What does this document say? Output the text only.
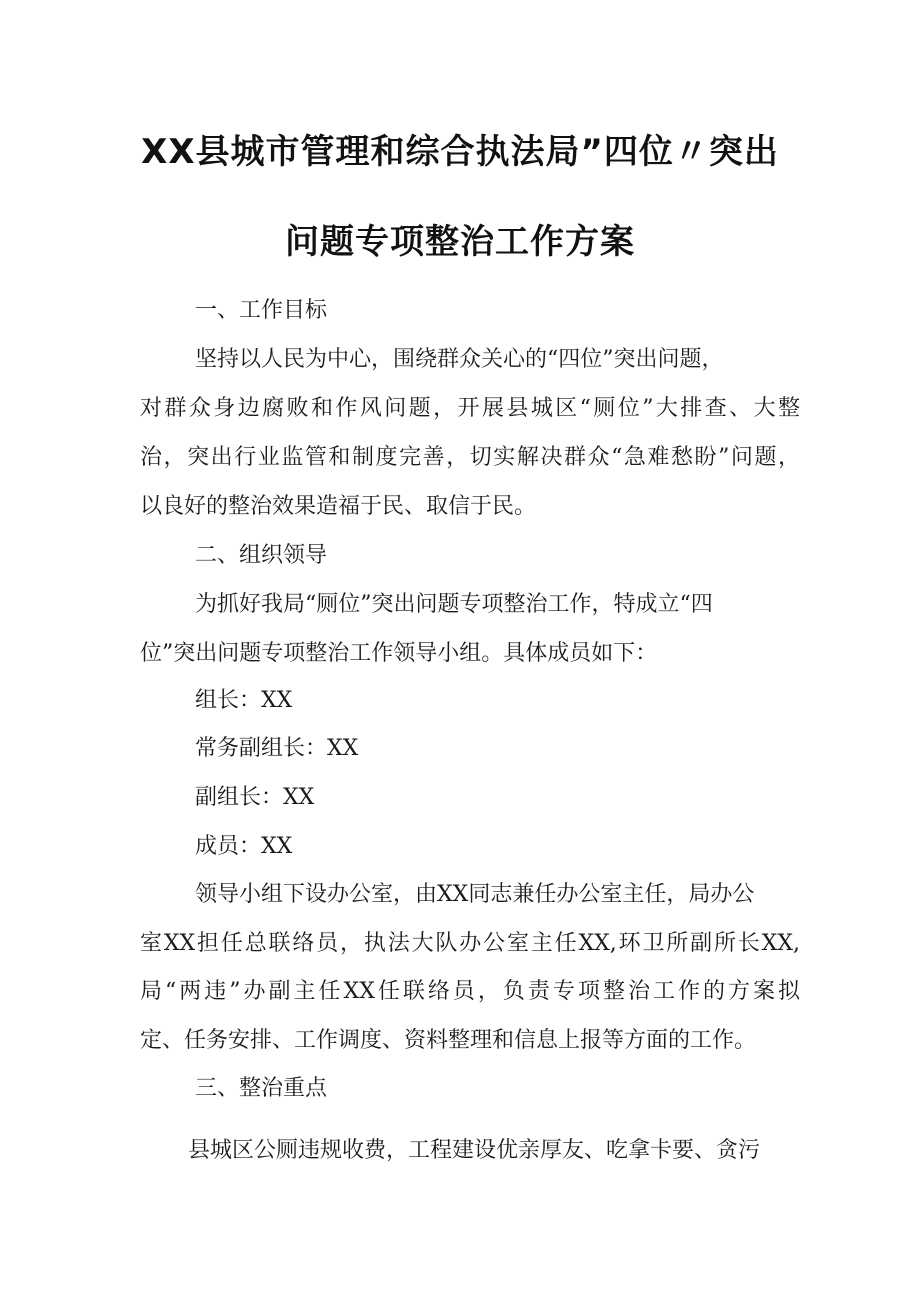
XX县城市管理和综合执法局”四位〃突出
问题专项整治工作方案
一、工作目标
坚持以人民为中心，围绕群众关心的“四位”突出问题，
对群众身边腐败和作风问题，开展县城区“厕位”大排查、大整
治，突出行业监管和制度完善，切实解决群众“急难愁盼”问题，
以良好的整治效果造福于民、取信于民。
二、组织领导
为抓好我局“厕位”突出问题专项整治工作，特成立“四
位”突出问题专项整治工作领导小组。具体成员如下：
组长：XX
常务副组长：XX
副组长：XX
成员：XX
领导小组下设办公室，由XX同志兼任办公室主任，局办公
室XX担任总联络员，执法大队办公室主任XX,环卫所副所长XX,
局“两违”办副主任XX任联络员，负责专项整治工作的方案拟
定、任务安排、工作调度、资料整理和信息上报等方面的工作。
三、整治重点
县城区公厕违规收费，工程建设优亲厚友、吃拿卡要、贪污
